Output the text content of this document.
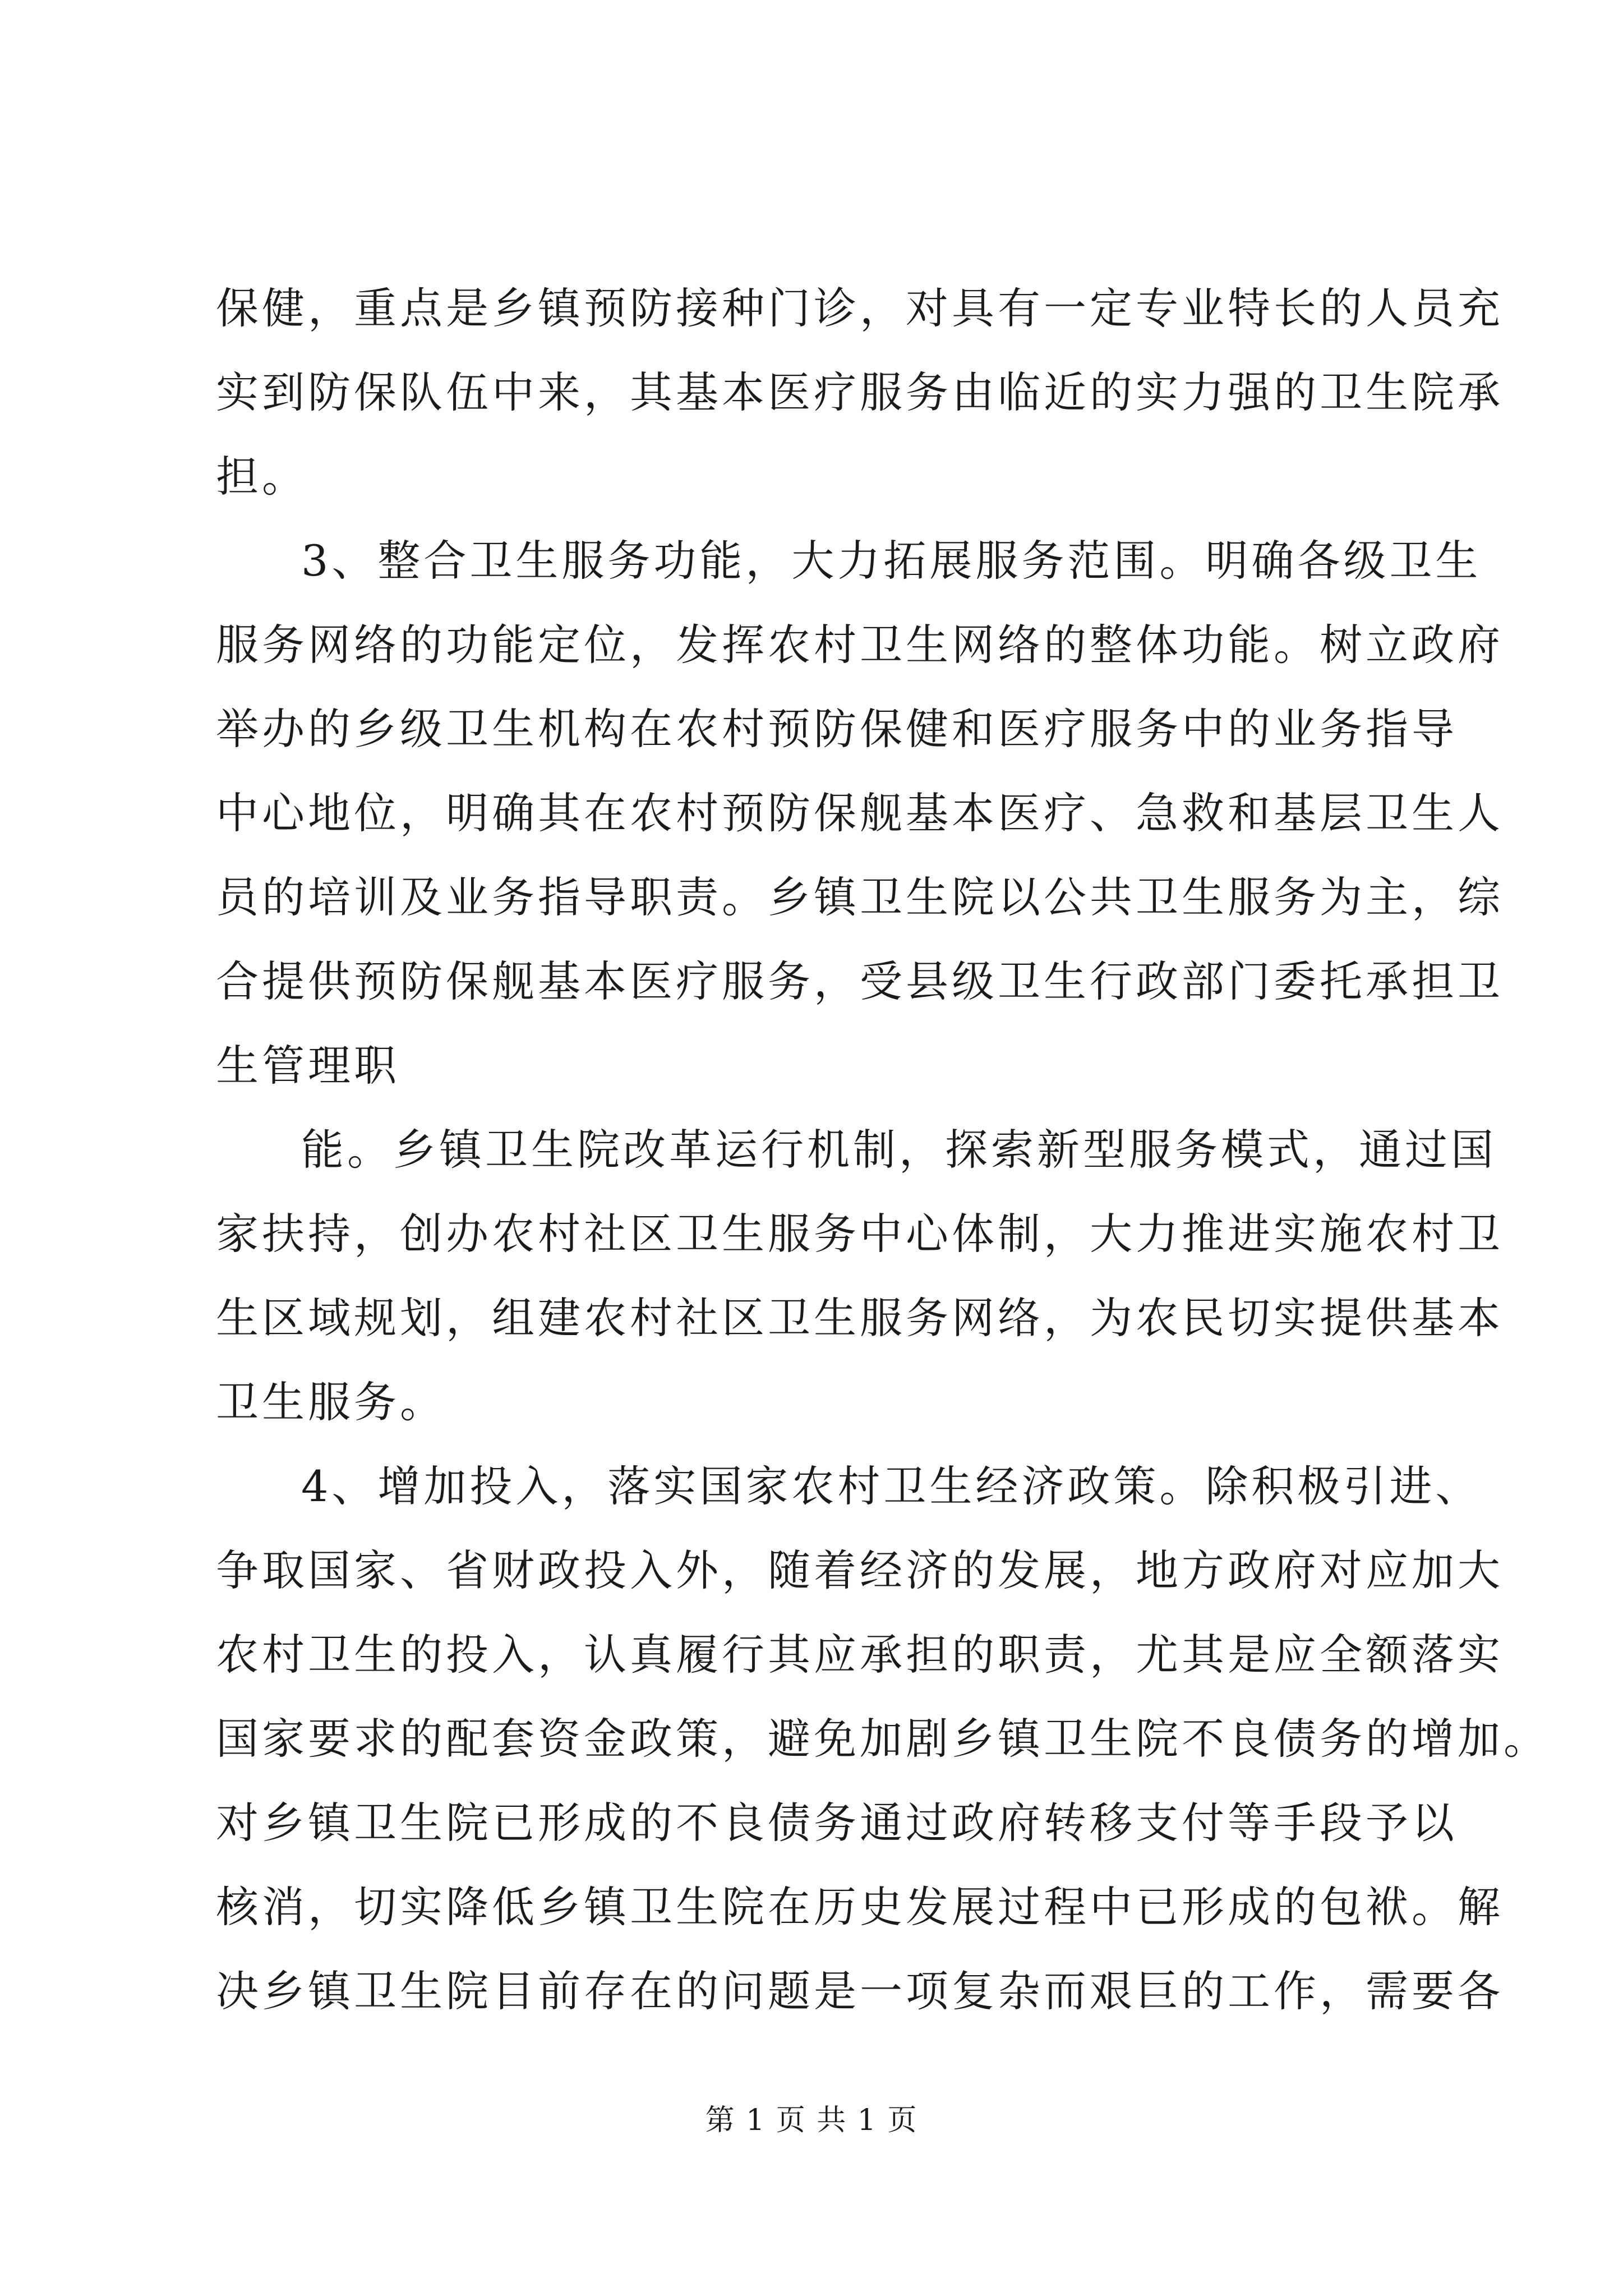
保健，重点是乡镇预防接种门诊，对具有一定专业特长的人员充
实到防保队伍中来，其基本医疗服务由临近的实力强的卫生院承
担。

3、整合卫生服务功能，大力拓展服务范围。明确各级卫生
服务网络的功能定位，发挥农村卫生网络的整体功能。树立政府
举办的乡级卫生机构在农村预防保健和医疗服务中的业务指导
中心地位，明确其在农村预防保舰基本医疗、急救和基层卫生人
员的培训及业务指导职责。乡镇卫生院以公共卫生服务为主，综
合提供预防保舰基本医疗服务，受县级卫生行政部门委托承担卫
生管理职

能。乡镇卫生院改革运行机制，探索新型服务模式，通过国
家扶持，创办农村社区卫生服务中心体制，大力推进实施农村卫
生区域规划，组建农村社区卫生服务网络，为农民切实提供基本
卫生服务。

4、增加投入，落实国家农村卫生经济政策。除积极引进、
争取国家、省财政投入外，随着经济的发展，地方政府对应加大
农村卫生的投入，认真履行其应承担的职责，尤其是应全额落实
国家要求的配套资金政策，避免加剧乡镇卫生院不良债务的增加。
对乡镇卫生院已形成的不良债务通过政府转移支付等手段予以
核消，切实降低乡镇卫生院在历史发展过程中已形成的包袱。解
决乡镇卫生院目前存在的问题是一项复杂而艰巨的工作，需要各

第 1 页 共 1 页
